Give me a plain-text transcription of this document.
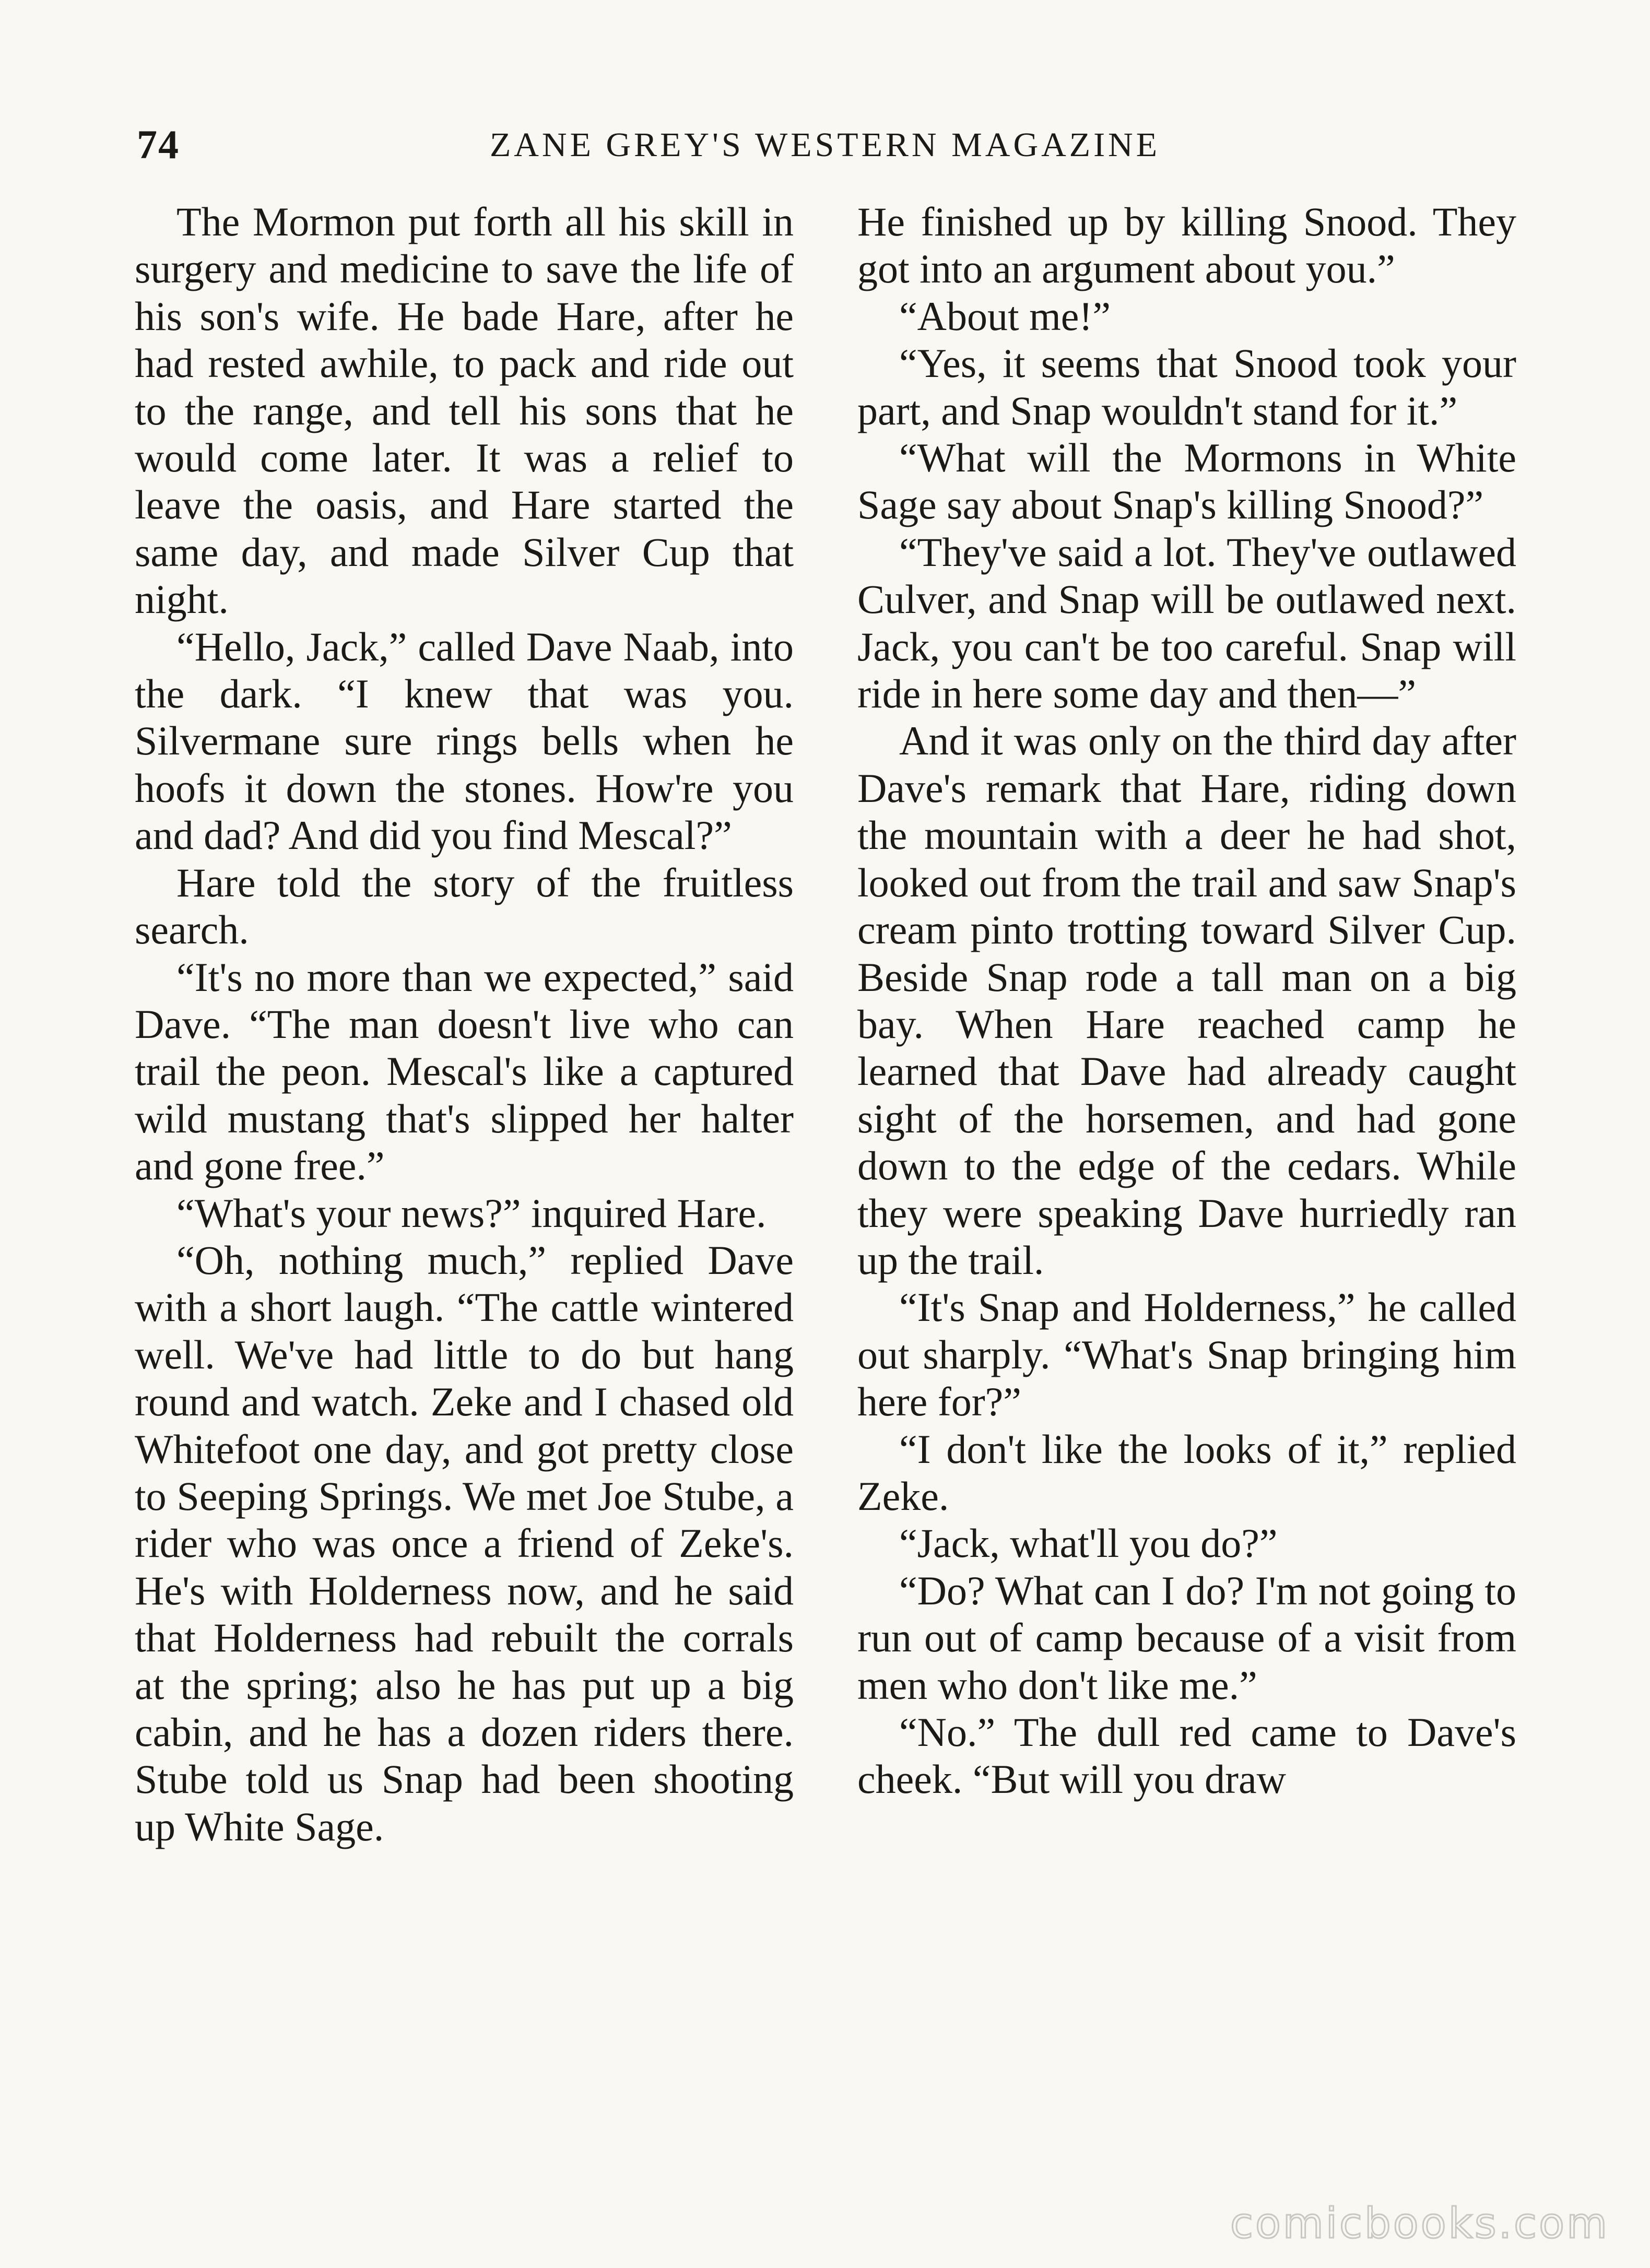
74	ZANE GREY'S WESTERN MAGAZINE

The Mormon put forth all his skill in surgery and medicine to save the life of his son's wife. He bade Hare, after he had rested awhile, to pack and ride out to the range, and tell his sons that he would come later. It was a relief to leave the oasis, and Hare started the same day, and made Silver Cup that night.

“Hello, Jack,” called Dave Naab, into the dark. “I knew that was you. Silvermane sure rings bells when he hoofs it down the stones. How're you and dad? And did you find Mescal?”

Hare told the story of the fruitless search.

“It's no more than we expected,” said Dave. “The man doesn't live who can trail the peon. Mescal's like a captured wild mustang that's slipped her halter and gone free.”

“What's your news?” inquired Hare.

“Oh, nothing much,” replied Dave with a short laugh. “The cattle wintered well. We've had little to do but hang round and watch. Zeke and I chased old Whitefoot one day, and got pretty close to Seeping Springs. We met Joe Stube, a rider who was once a friend of Zeke's. He's with Holderness now, and he said that Holderness had rebuilt the corrals at the spring; also he has put up a big cabin, and he has a dozen riders there. Stube told us Snap had been shooting up White Sage.

He finished up by killing Snood. They got into an argument about you.”

“About me!”

“Yes, it seems that Snood took your part, and Snap wouldn't stand for it.”

“What will the Mormons in White Sage say about Snap's killing Snood?”

“They've said a lot. They've outlawed Culver, and Snap will be outlawed next. Jack, you can't be too careful. Snap will ride in here some day and then—”

And it was only on the third day after Dave's remark that Hare, riding down the mountain with a deer he had shot, looked out from the trail and saw Snap's cream pinto trotting toward Silver Cup. Beside Snap rode a tall man on a big bay. When Hare reached camp he learned that Dave had already caught sight of the horsemen, and had gone down to the edge of the cedars. While they were speaking Dave hurriedly ran up the trail.

“It's Snap and Holderness,” he called out sharply. “What's Snap bringing him here for?”

“I don't like the looks of it,” replied Zeke.

“Jack, what'll you do?”

“Do? What can I do? I'm not going to run out of camp because of a visit from men who don't like me.”

“No.” The dull red came to Dave's cheek. “But will you draw

comicbooks.com
